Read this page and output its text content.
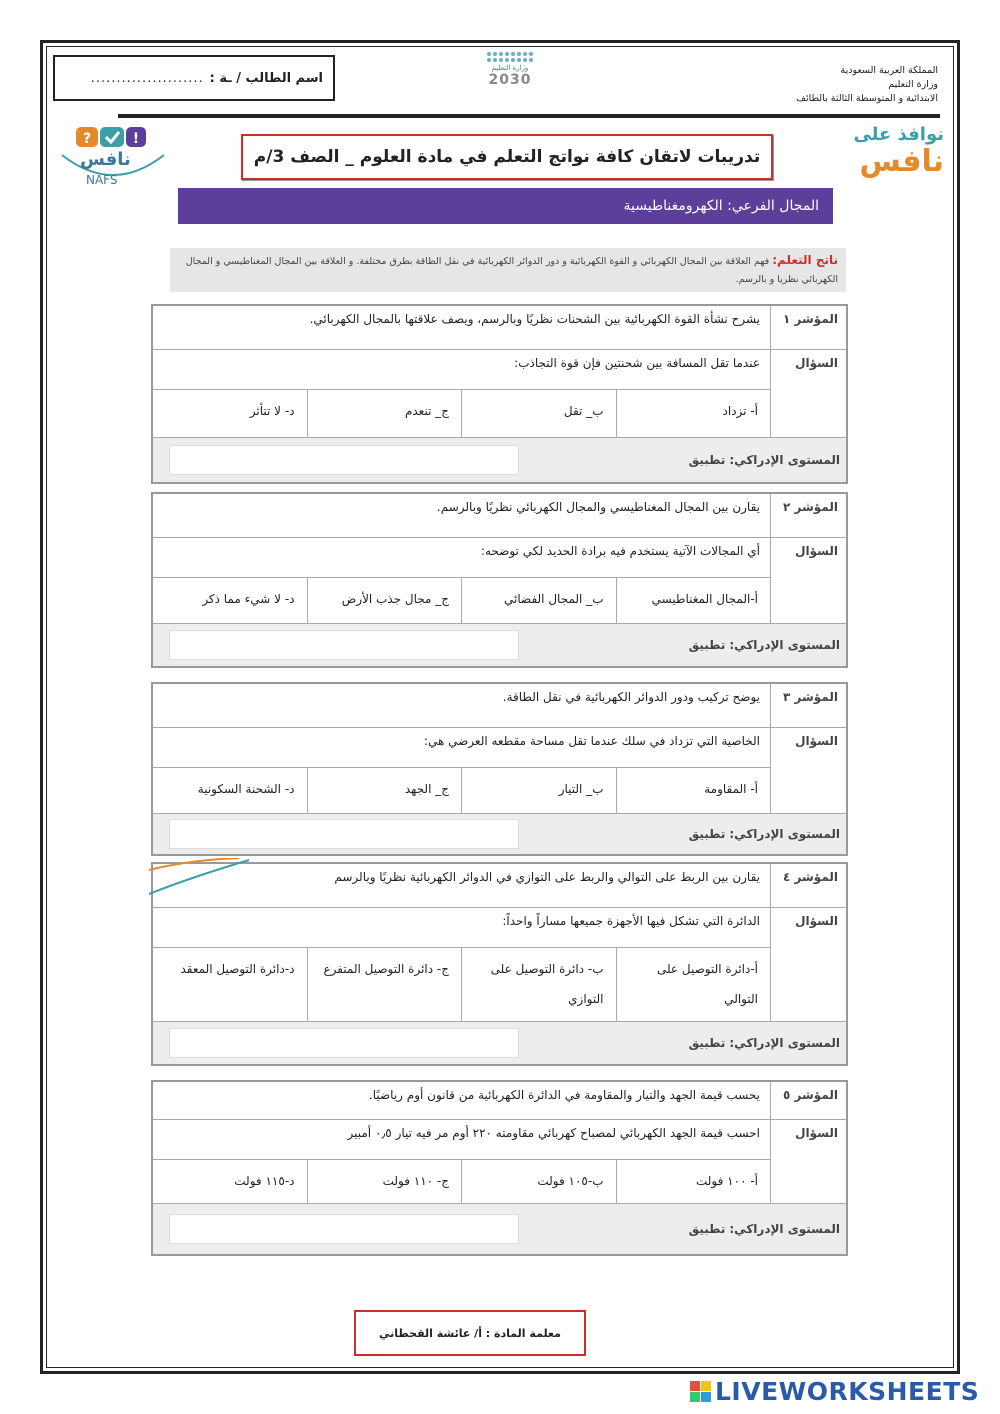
اسم الطالب / ـة :
......................
وزارة التعليم
2030
المملكة العربية السعودية
وزارة التعليم
الابتدائية و المتوسطة الثالثة بالطائف
?	!
نافس
NAFS
نوافذ على
نافس
تدريبات لاتقان كافة نواتج التعلم في مادة العلوم _ الصف 3/م
المجال الفرعي: الكهرومغناطيسية
ناتج التعلم: فهم العلاقة بين المجال الكهربائي و القوة الكهربائية و دور الدوائر الكهربائية في نقل الطاقة بطرق مختلفة. و العلاقة بين المجال المغناطيسي و المجال الكهربائي نظريا و بالرسم.
المؤشر ١
يشرح نشأة القوة الكهربائية بين الشحنات نظريًا وبالرسم، ويصف علاقتها بالمجال الكهربائي.
السؤال
عندما تقل المسافة بين شحنتين فإن قوة التجاذب:
أ- تزداد
ب_ تقل
ج_ تنعدم
د- لا تتأثر
المستوى الإدراكي:
تطبيق
المؤشر ٢
يقارن بين المجال المغناطيسي والمجال الكهربائي نظريًا وبالرسم.
السؤال
أي المجالات الآتية يستخدم فيه برادة الحديد لكي توضحه:
أ-المجال المغناطيسي
ب_ المجال الفضائي
ج_ مجال جذب الأرض
د- لا شيء مما ذكر
المستوى الإدراكي:
تطبيق
المؤشر ٣
يوضح تركيب ودور الدوائر الكهربائية في نقل الطاقة.
السؤال
الخاصية التي تزداد في سلك عندما تقل مساحة مقطعه العرضي هي:
أ- المقاومة
ب_ التيار
ج_ الجهد
د- الشحنة السكونية
المستوى الإدراكي:
تطبيق
المؤشر ٤
يقارن بين الربط على التوالي والربط على التوازي في الدوائر الكهربائية نظريًا وبالرسم
السؤال
الدائرة التي تشكل فيها الأجهزة جميعها مساراً واحداً:
أ-دائرة التوصيل على التوالي
ب- دائرة التوصيل على التوازي
ج- دائرة التوصيل المتفرع
د-دائرة التوصيل المعقد
المستوى الإدراكي:
تطبيق
المؤشر ٥
يحسب قيمة الجهد والتيار والمقاومة في الدائرة الكهربائية من قانون أوم رياضيًا.
السؤال
احسب قيمة الجهد الكهربائي لمصباح كهربائي مقاومته ٢٢٠ أوم مر فيه تيار ٠٫٥ أمبير
أ- ١٠٠ فولت
ب-١٠٥ فولت
ج- ١١٠ فولت
د-١١٥ فولت
المستوى الإدراكي:
تطبيق
معلمة المادة : أ/ عائشة القحطاني
LIVEWORKSHEETS
